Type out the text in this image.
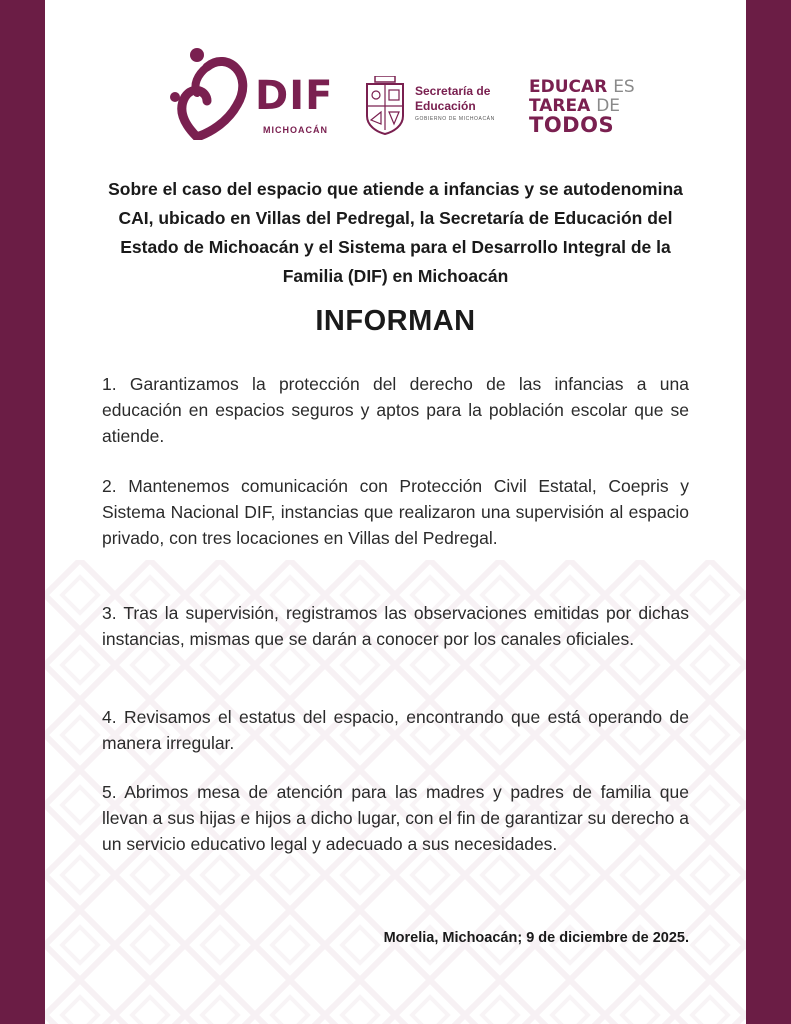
DIF
MICHOACÁN
Secretaría de Educación
GOBIERNO DE MICHOACÁN
EDUCAR ES
TAREA DE
TODOS
Sobre el caso del espacio que atiende a infancias y se autodenomina CAI, ubicado en Villas del Pedregal, la Secretaría de Educación del Estado de Michoacán y el Sistema para el Desarrollo Integral de la Familia (DIF) en Michoacán
INFORMAN

1. Garantizamos la protección del derecho de las infancias a una educación en espacios seguros y aptos para la población escolar que se atiende.

2. Mantenemos comunicación con Protección Civil Estatal, Coepris y Sistema Nacional DIF, instancias que realizaron una supervisión al espacio privado, con tres locaciones en Villas del Pedregal.

3. Tras la supervisión, registramos las observaciones emitidas por dichas instancias, mismas que se darán a conocer por los canales oficiales.

4. Revisamos el estatus del espacio, encontrando que está operando de manera irregular.

5. Abrimos mesa de atención para las madres y padres de familia que llevan a sus hijas e hijos a dicho lugar, con el fin de garantizar su derecho a un servicio educativo legal y adecuado a sus necesidades.

Morelia, Michoacán; 9 de diciembre de 2025.
